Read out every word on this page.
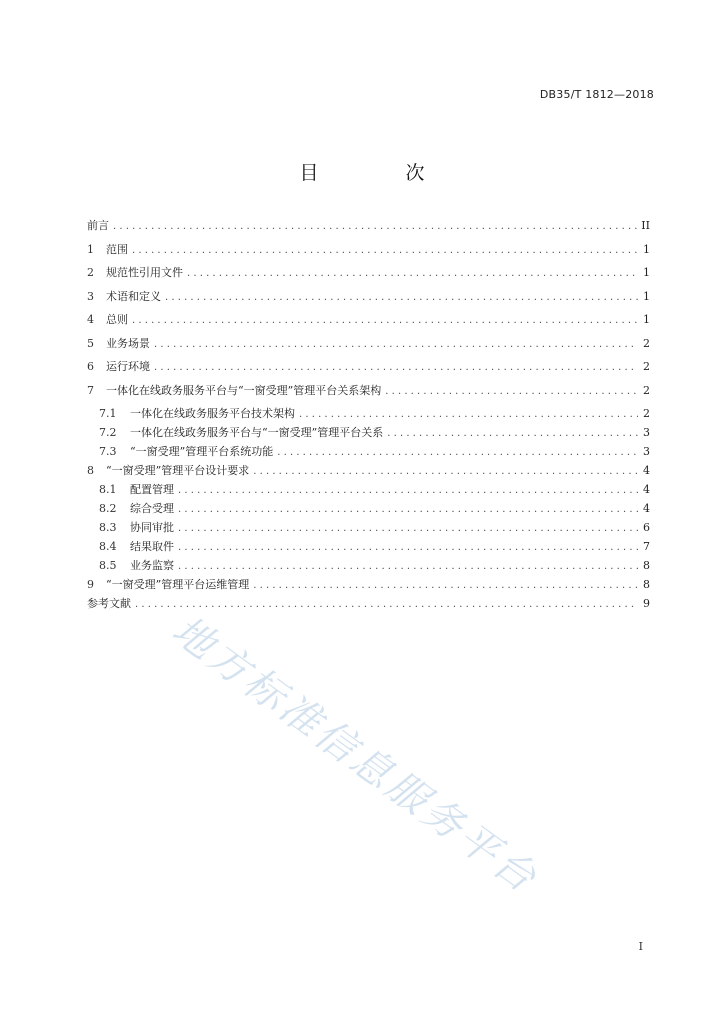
DB35/T 1812—2018
目　次
前言 . . .	II
1	范围 . . .	1
2	规范性引用文件 . . .	1
3	术语和定义 . . .	1
4	总则 . . .	1
5	业务场景 . . .	2
6	运行环境 . . .	2
7	一体化在线政务服务平台与“一窗受理”管理平台关系架构 . . .	2
7.1	一体化在线政务服务平台技术架构 . . .	2
7.2	一体化在线政务服务平台与“一窗受理”管理平台关系 . . .	3
7.3	“一窗受理”管理平台系统功能 . . .	3
8	“一窗受理”管理平台设计要求 . . .	4
8.1	配置管理 . . .	4
8.2	综合受理 . . .	4
8.3	协同审批 . . .	6
8.4	结果取件 . . .	7
8.5	业务监察 . . .	8
9	“一窗受理”管理平台运维管理 . . .	8
参考文献 . . .	9
地方标准信息服务平台
I
